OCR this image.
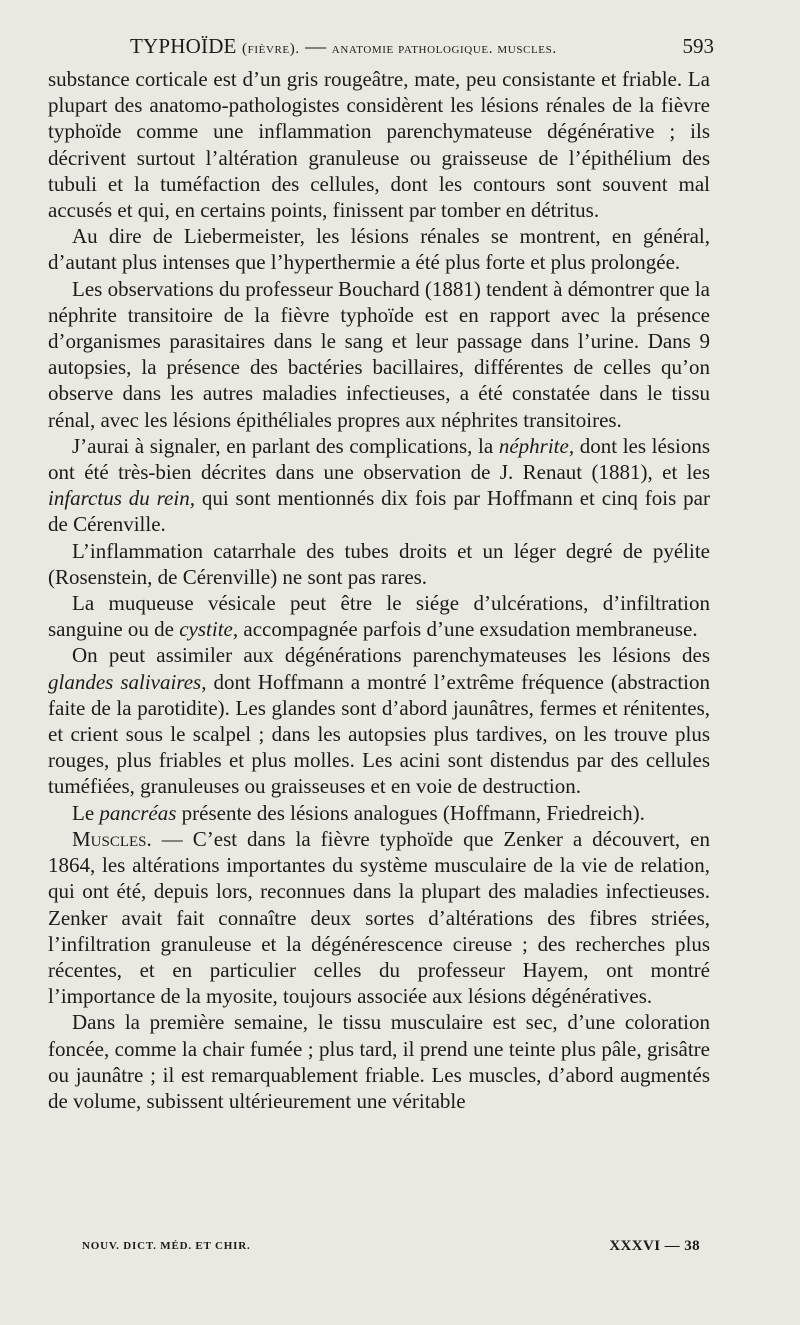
TYPHOÏDE (fièvre). — anatomie pathologique. muscles.	593

substance corticale est d’un gris rougeâtre, mate, peu consistante et friable. La plupart des anatomo-pathologistes considèrent les lésions rénales de la fièvre typhoïde comme une inflammation parenchymateuse dégénérative ; ils décrivent surtout l’altération granuleuse ou graisseuse de l’épithélium des tubuli et la tuméfaction des cellules, dont les contours sont souvent mal accusés et qui, en certains points, finissent par tomber en détritus.

Au dire de Liebermeister, les lésions rénales se montrent, en général, d’autant plus intenses que l’hyperthermie a été plus forte et plus prolongée.

Les observations du professeur Bouchard (1881) tendent à démontrer que la néphrite transitoire de la fièvre typhoïde est en rapport avec la présence d’organismes parasitaires dans le sang et leur passage dans l’urine. Dans 9 autopsies, la présence des bactéries bacillaires, différentes de celles qu’on observe dans les autres maladies infectieuses, a été constatée dans le tissu rénal, avec les lésions épithéliales propres aux néphrites transitoires.

J’aurai à signaler, en parlant des complications, la néphrite, dont les lésions ont été très-bien décrites dans une observation de J. Renaut (1881), et les infarctus du rein, qui sont mentionnés dix fois par Hoffmann et cinq fois par de Cérenville.

L’inflammation catarrhale des tubes droits et un léger degré de pyélite (Rosenstein, de Cérenville) ne sont pas rares.

La muqueuse vésicale peut être le siége d’ulcérations, d’infiltration sanguine ou de cystite, accompagnée parfois d’une exsudation membraneuse.

On peut assimiler aux dégénérations parenchymateuses les lésions des glandes salivaires, dont Hoffmann a montré l’extrême fréquence (abstraction faite de la parotidite). Les glandes sont d’abord jaunâtres, fermes et rénitentes, et crient sous le scalpel ; dans les autopsies plus tardives, on les trouve plus rouges, plus friables et plus molles. Les acini sont distendus par des cellules tuméfiées, granuleuses ou graisseuses et en voie de destruction.

Le pancréas présente des lésions analogues (Hoffmann, Friedreich).

Muscles. — C’est dans la fièvre typhoïde que Zenker a découvert, en 1864, les altérations importantes du système musculaire de la vie de relation, qui ont été, depuis lors, reconnues dans la plupart des maladies infectieuses. Zenker avait fait connaître deux sortes d’altérations des fibres striées, l’infiltration granuleuse et la dégénérescence cireuse ; des recherches plus récentes, et en particulier celles du professeur Hayem, ont montré l’importance de la myosite, toujours associée aux lésions dégénératives.

Dans la première semaine, le tissu musculaire est sec, d’une coloration foncée, comme la chair fumée ; plus tard, il prend une teinte plus pâle, grisâtre ou jaunâtre ; il est remarquablement friable. Les muscles, d’abord augmentés de volume, subissent ultérieurement une véritable

NOUV. DICT. MÉD. ET CHIR.	XXXVI — 38
